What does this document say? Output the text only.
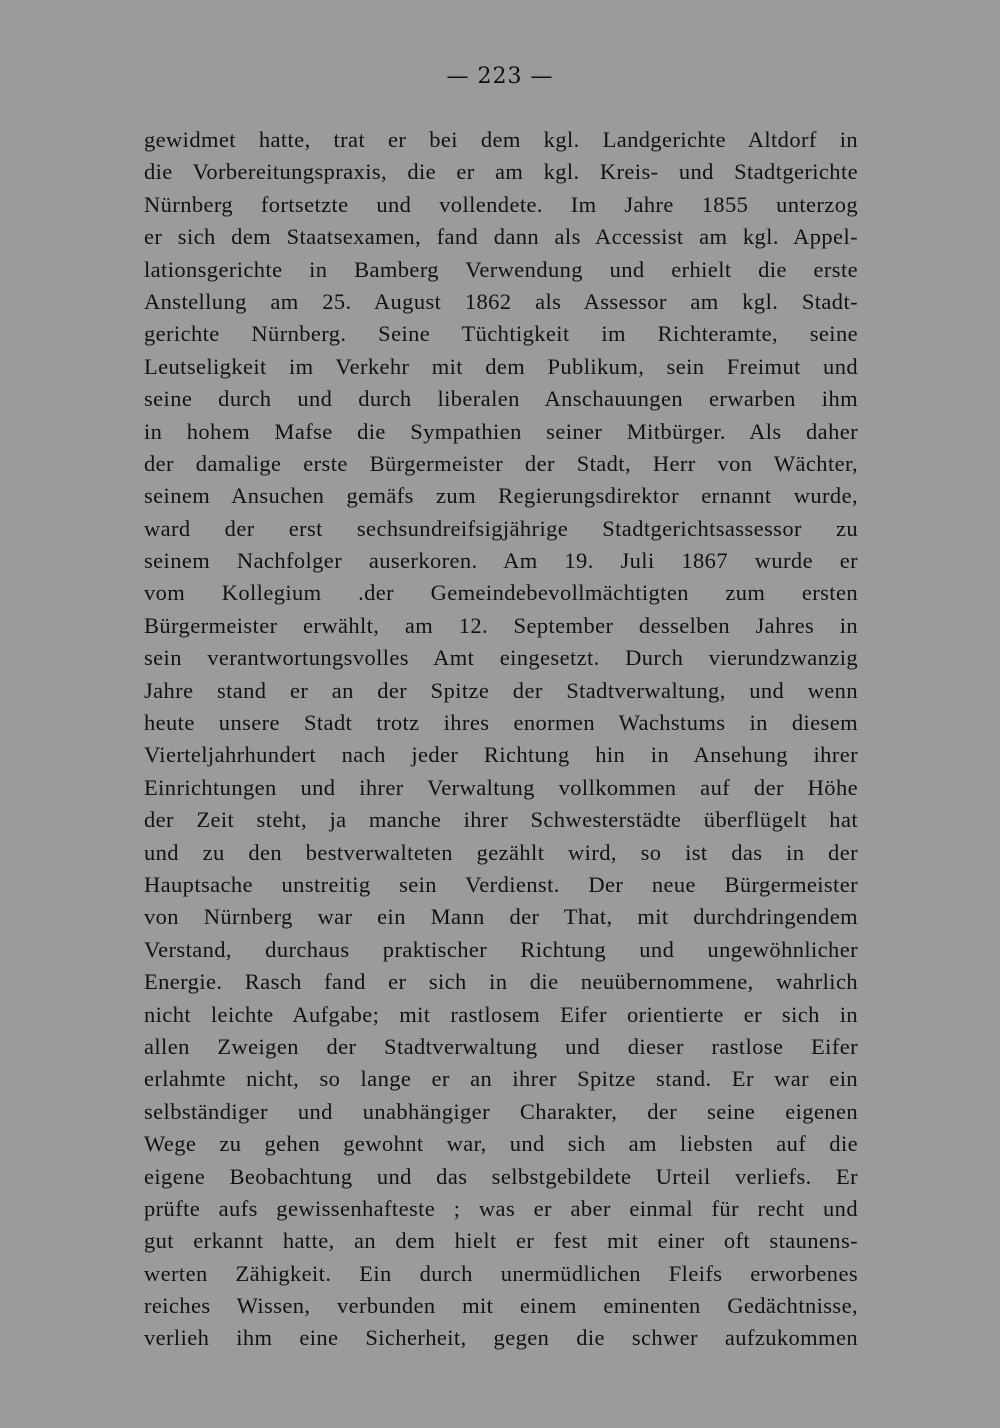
— 223 —
gewidmet hatte, trat er bei dem kgl. Landgerichte Altdorf in
die Vorbereitungspraxis, die er am kgl. Kreis- und Stadtgerichte
Nürnberg fortsetzte und vollendete. Im Jahre 1855 unterzog
er sich dem Staatsexamen, fand dann als Accessist am kgl. Appel-
lationsgerichte in Bamberg Verwendung und erhielt die erste
Anstellung am 25. August 1862 als Assessor am kgl. Stadt-
gerichte Nürnberg. Seine Tüchtigkeit im Richteramte, seine
Leutseligkeit im Verkehr mit dem Publikum, sein Freimut und
seine durch und durch liberalen Anschauungen erwarben ihm
in hohem Mafse die Sympathien seiner Mitbürger. Als daher
der damalige erste Bürgermeister der Stadt, Herr von Wächter,
seinem Ansuchen gemäfs zum Regierungsdirektor ernannt wurde,
ward der erst sechsundreifsigjährige Stadtgerichtsassessor zu
seinem Nachfolger auserkoren. Am 19. Juli 1867 wurde er
vom Kollegium .der Gemeindebevollmächtigten zum ersten
Bürgermeister erwählt, am 12. September desselben Jahres in
sein verantwortungsvolles Amt eingesetzt. Durch vierundzwanzig
Jahre stand er an der Spitze der Stadtverwaltung, und wenn
heute unsere Stadt trotz ihres enormen Wachstums in diesem
Vierteljahrhundert nach jeder Richtung hin in Ansehung ihrer
Einrichtungen und ihrer Verwaltung vollkommen auf der Höhe
der Zeit steht, ja manche ihrer Schwesterstädte überflügelt hat
und zu den bestverwalteten gezählt wird, so ist das in der
Hauptsache unstreitig sein Verdienst. Der neue Bürgermeister
von Nürnberg war ein Mann der That, mit durchdringendem
Verstand, durchaus praktischer Richtung und ungewöhnlicher
Energie. Rasch fand er sich in die neuübernommene, wahrlich
nicht leichte Aufgabe; mit rastlosem Eifer orientierte er sich in
allen Zweigen der Stadtverwaltung und dieser rastlose Eifer
erlahmte nicht, so lange er an ihrer Spitze stand. Er war ein
selbständiger und unabhängiger Charakter, der seine eigenen
Wege zu gehen gewohnt war, und sich am liebsten auf die
eigene Beobachtung und das selbstgebildete Urteil verliefs. Er
prüfte aufs gewissenhafteste ; was er aber einmal für recht und
gut erkannt hatte, an dem hielt er fest mit einer oft staunens-
werten Zähigkeit. Ein durch unermüdlichen Fleifs erworbenes
reiches Wissen, verbunden mit einem eminenten Gedächtnisse,
verlieh ihm eine Sicherheit, gegen die schwer aufzukommen
